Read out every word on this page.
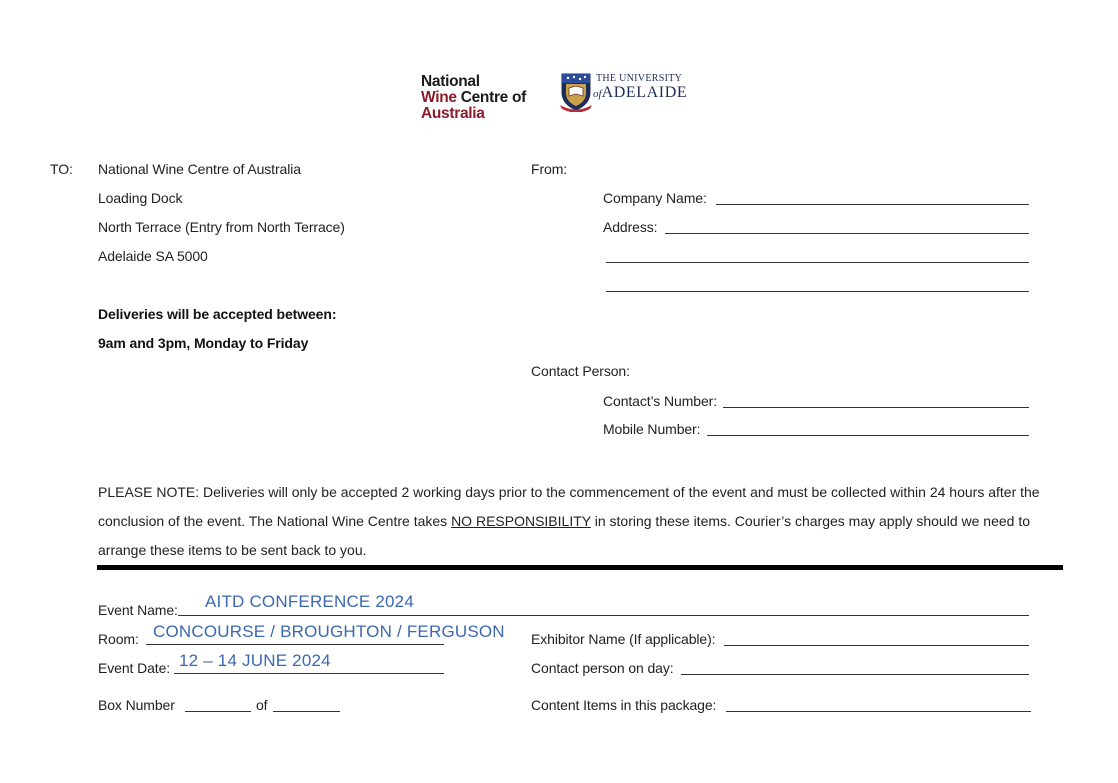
National
Wine Centre of
Australia
THE UNIVERSITY
ofADELAIDE
TO: National Wine Centre of Australia
Loading Dock
North Terrace (Entry from North Terrace)
Adelaide SA 5000
Deliveries will be accepted between:
9am and 3pm, Monday to Friday
From:
Company Name:
Address:
Contact Person:
Contact’s Number:
Mobile Number:
PLEASE NOTE: Deliveries will only be accepted 2 working days prior to the commencement of the event and must be collected within 24 hours after the conclusion of the event. The National Wine Centre takes NO RESPONSIBILITY in storing these items. Courier’s charges may apply should we need to arrange these items to be sent back to you.
Event Name: AITD CONFERENCE 2024
Room: CONCOURSE / BROUGHTON / FERGUSON
Event Date: 12 – 14 JUNE 2024
Exhibitor Name (If applicable):
Contact person on day:
Box Number	of	Content Items in this package:
